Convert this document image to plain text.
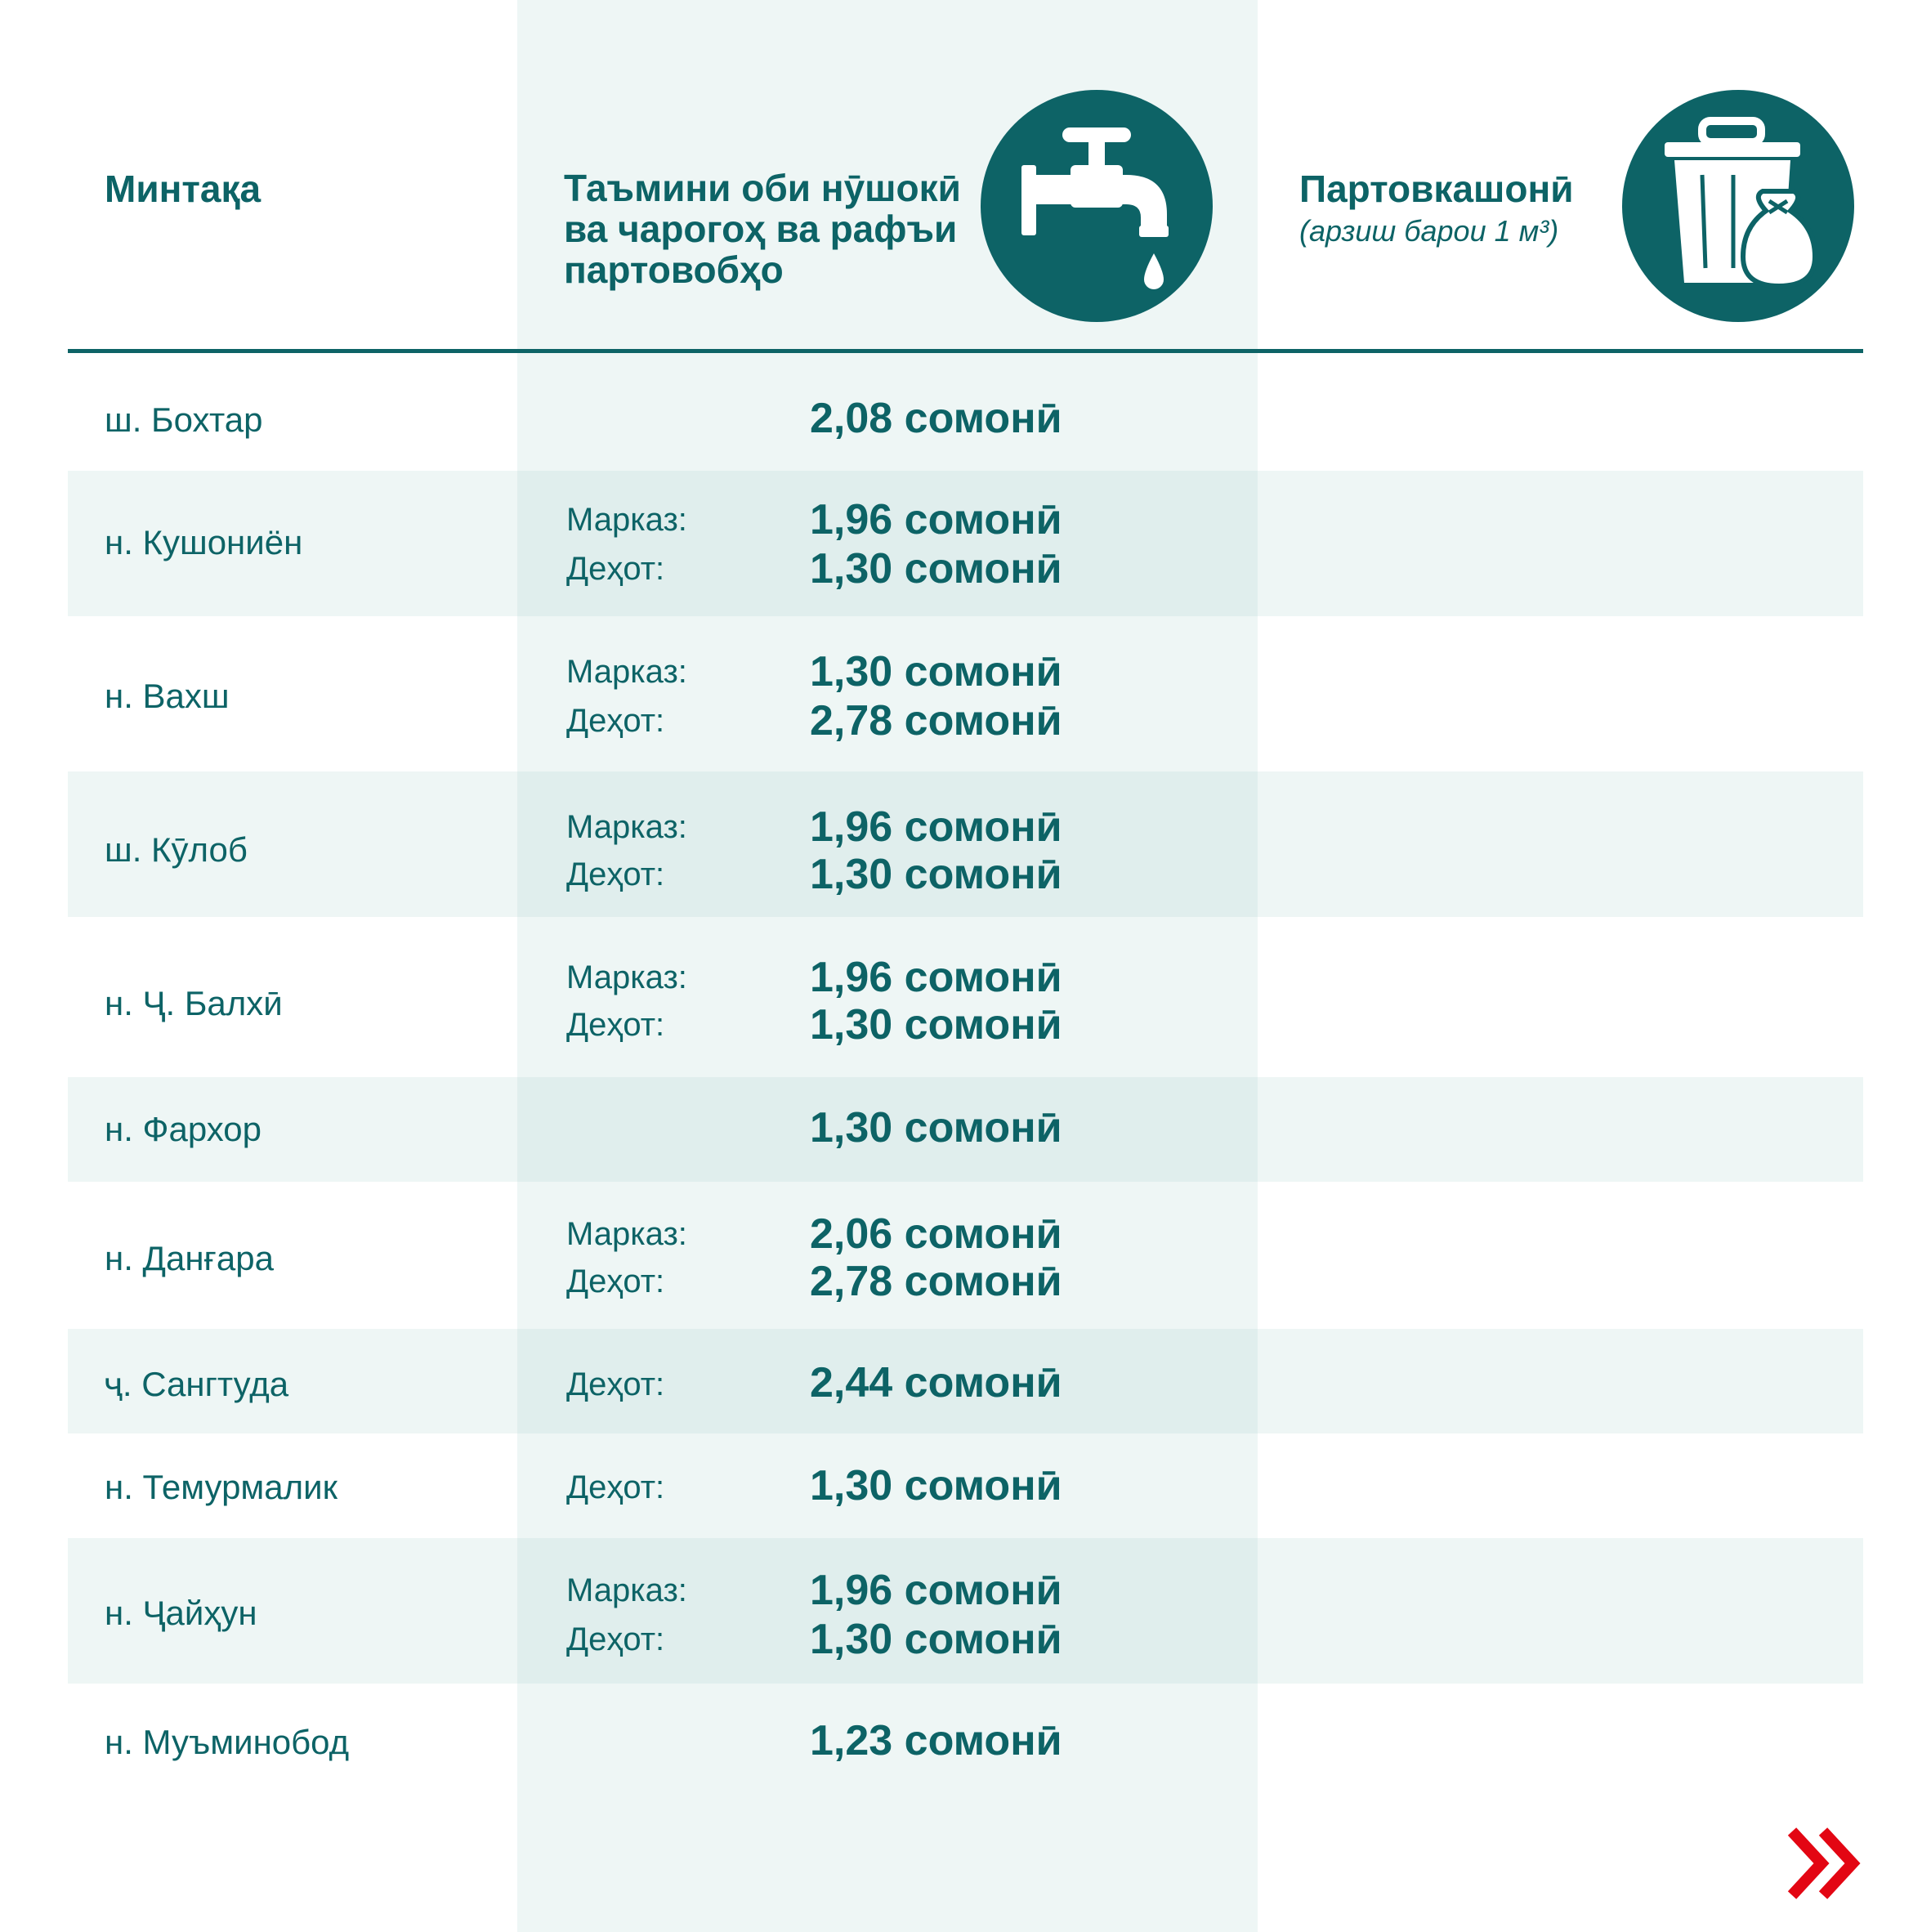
Минтақа	Таъмини оби нӯшокӣ ва чарогоҳ ва рафъи партовобҳо
Партовкашонӣ
(арзиш барои 1 м³)
ш. Бохтар	2,08 сомонӣ
н. Кушониён
Марказ:	1,96 сомонӣ
Деҳот:	1,30 сомонӣ
н. Вахш
Марказ:	1,30 сомонӣ
Деҳот:	2,78 сомонӣ
ш. Кӯлоб
Марказ:	1,96 сомонӣ
Деҳот:	1,30 сомонӣ
н. Ҷ. Балхӣ
Марказ:	1,96 сомонӣ
Деҳот:	1,30 сомонӣ
н. Фархор	1,30 сомонӣ
н. Данғара
Марказ:	2,06 сомонӣ
Деҳот:	2,78 сомонӣ
ҷ. Сангтуда	Деҳот:	2,44 сомонӣ
н. Темурмалик	Деҳот:	1,30 сомонӣ
н. Ҷайҳун
Марказ:	1,96 сомонӣ
Деҳот:	1,30 сомонӣ
н. Муъминобод	1,23 сомонӣ
